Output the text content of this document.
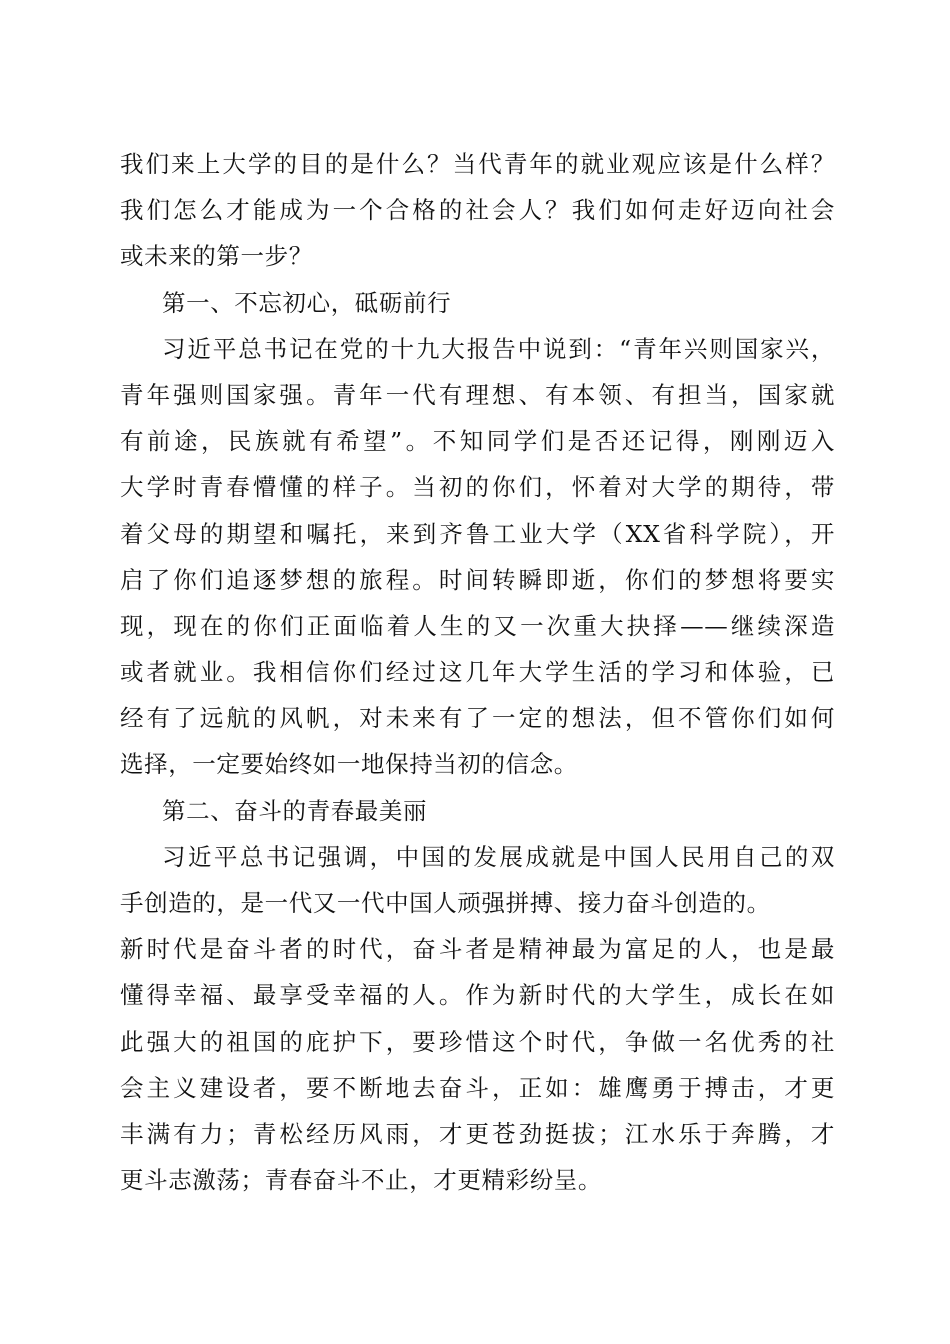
我们来上大学的目的是什么？当代青年的就业观应该是什么样？
我们怎么才能成为一个合格的社会人？我们如何走好迈向社会
或未来的第一步？
第一、不忘初心，砥砺前行
习近平总书记在党的十九大报告中说到：“青年兴则国家兴，
青年强则国家强。青年一代有理想、有本领、有担当，国家就
有前途，民族就有希望”。不知同学们是否还记得，刚刚迈入
大学时青春懵懂的样子。当初的你们，怀着对大学的期待，带
着父母的期望和嘱托，来到齐鲁工业大学（XX省科学院），开
启了你们追逐梦想的旅程。时间转瞬即逝，你们的梦想将要实
现，现在的你们正面临着人生的又一次重大抉择——继续深造
或者就业。我相信你们经过这几年大学生活的学习和体验，已
经有了远航的风帆，对未来有了一定的想法，但不管你们如何
选择，一定要始终如一地保持当初的信念。
第二、奋斗的青春最美丽
习近平总书记强调，中国的发展成就是中国人民用自己的双
手创造的，是一代又一代中国人顽强拼搏、接力奋斗创造的。
新时代是奋斗者的时代，奋斗者是精神最为富足的人，也是最
懂得幸福、最享受幸福的人。作为新时代的大学生，成长在如
此强大的祖国的庇护下，要珍惜这个时代，争做一名优秀的社
会主义建设者，要不断地去奋斗，正如：雄鹰勇于搏击，才更
丰满有力；青松经历风雨，才更苍劲挺拔；江水乐于奔腾，才
更斗志激荡；青春奋斗不止，才更精彩纷呈。
